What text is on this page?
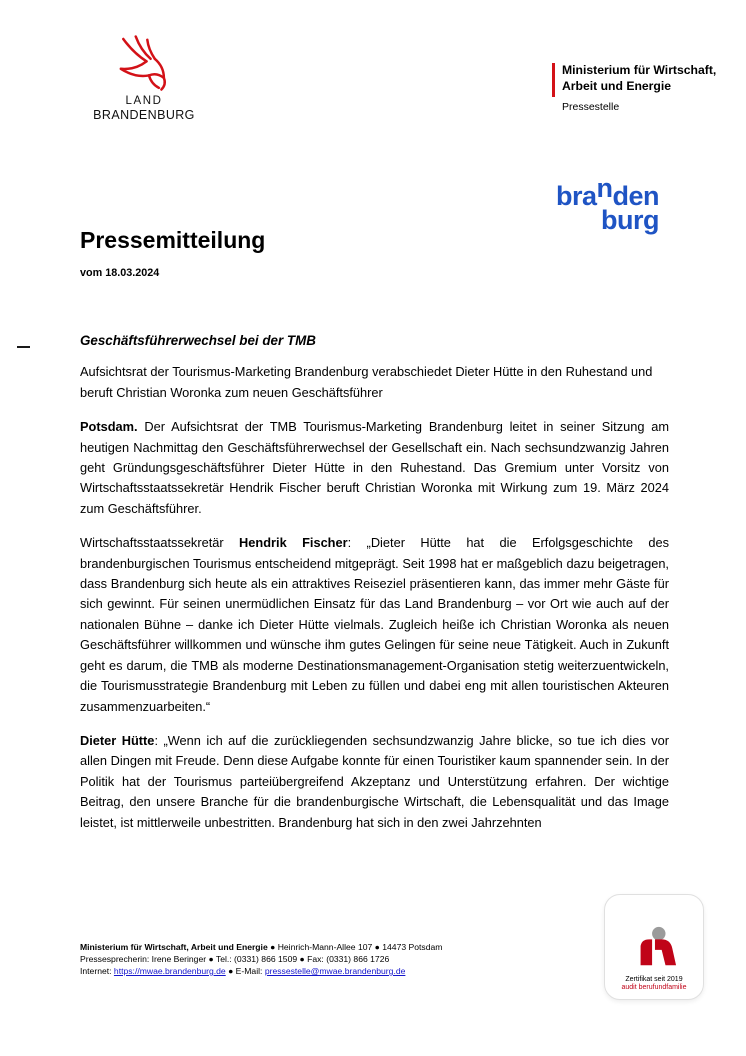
LAND
BRANDENBURG
Ministerium für Wirtschaft,
Arbeit und Energie
Pressestelle
branden
burg
Pressemitteilung
vom 18.03.2024
Geschäftsführerwechsel bei der TMB

Aufsichtsrat der Tourismus-Marketing Brandenburg verabschiedet Dieter Hütte in den Ruhestand und beruft Christian Woronka zum neuen Geschäftsführer

Potsdam. Der Aufsichtsrat der TMB Tourismus-Marketing Brandenburg leitet in seiner Sitzung am heutigen Nachmittag den Geschäftsführerwechsel der Gesellschaft ein. Nach sechsundzwanzig Jahren geht Gründungsgeschäftsführer Dieter Hütte in den Ruhestand. Das Gremium unter Vorsitz von Wirtschaftsstaatssekretär Hendrik Fischer beruft Christian Woronka mit Wirkung zum 19. März 2024 zum Geschäftsführer.

Wirtschaftsstaatssekretär Hendrik Fischer: „Dieter Hütte hat die Erfolgsgeschichte des brandenburgischen Tourismus entscheidend mitgeprägt. Seit 1998 hat er maßgeblich dazu beigetragen, dass Brandenburg sich heute als ein attraktives Reiseziel präsentieren kann, das immer mehr Gäste für sich gewinnt. Für seinen unermüdlichen Einsatz für das Land Brandenburg – vor Ort wie auch auf der nationalen Bühne – danke ich Dieter Hütte vielmals. Zugleich heiße ich Christian Woronka als neuen Geschäftsführer willkommen und wünsche ihm gutes Gelingen für seine neue Tätigkeit. Auch in Zukunft geht es darum, die TMB als moderne Destinationsmanagement-Organisation stetig weiterzuentwickeln, die Tourismusstrategie Brandenburg mit Leben zu füllen und dabei eng mit allen touristischen Akteuren zusammenzuarbeiten.“

Dieter Hütte: „Wenn ich auf die zurückliegenden sechsundzwanzig Jahre blicke, so tue ich dies vor allen Dingen mit Freude. Denn diese Aufgabe konnte für einen Touristiker kaum spannender sein. In der Politik hat der Tourismus parteiübergreifend Akzeptanz und Unterstützung erfahren. Der wichtige Beitrag, den unsere Branche für die brandenburgische Wirtschaft, die Lebensqualität und das Image leistet, ist mittlerweile unbestritten. Brandenburg hat sich in den zwei Jahrzehnten

Ministerium für Wirtschaft, Arbeit und Energie ● Heinrich-Mann-Allee 107 ● 14473 Potsdam
Pressesprecherin: Irene Beringer ● Tel.: (0331) 866 1509 ● Fax: (0331) 866 1726
Internet: https://mwae.brandenburg.de ● E-Mail: pressestelle@mwae.brandenburg.de
Zertifikat seit 2019
audit berufundfamilie
